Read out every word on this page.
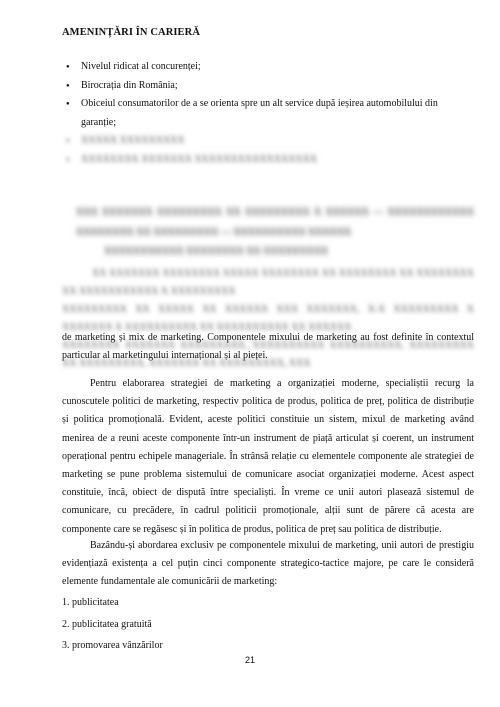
AMENINȚĂRI ÎN CARIERĂ
● Nivelul ridicat al concurenței;
● Birocrația din România;
● Obiceiul consumatorilor de a se orienta spre un alt service după ieșirea automobilului din garanție;
● XXXXX XXXXXXXXX
● XXXXXXXX XXXXXXX XXXXXXXXXXXXXXXXX
XXX XXXXXXX XXXXXXXXX XX XXXXXXXXX X XXXXXX — XXXXXXXXXXXX XXXXXXXX XX XXXXXXXXX — XXXXXXXXXX XXXXXX
XXXXXXXXXXX XXXXXXXX XX XXXXXXXXX
XX XXXXXXX XXXXXXXX XXXXX XXXXXXXX XX XXXXXXXX XX XXXXXXXX XX XXXXXXXXXXX X XXXXXXXXX
XXXXXXXXX XX XXXXX XX XXXXXX XXX XXXXXXX, X-X XXXXXXXXX X XXXXXXX X XXXXXXXXXX XX XXXXXXXXXX XX XXXXXX
XXXXXXXX XXXXXXX XXXXXXXXX, XXXXXXXXXX XXXXXXXXXX, XXXXXXXXX XX XXXXXXXXX, XXXXXXX XX XXXXXXXXX, XXX
de marketing și mix de marketing. Componentele mixului de marketing au fost definite în contextul particular al marketingului internațional și al pieței.
Pentru elaborarea strategiei de marketing a organizației moderne, specialiștii recurg la cunoscutele politici de marketing, respectiv politica de produs, politica de preț, politica de distribuție și politica promoțională. Evident, aceste politici constituie un sistem, mixul de marketing având menirea de a reuni aceste componente într-un instrument de piață articulat și coerent, un instrument operațional pentru echipele manageriale. În strânsă relație cu elementele componente ale strategiei de marketing se pune problema sistemului de comunicare asociat organizației moderne. Acest aspect constituie, încă, obiect de dispută între specialiști. În vreme ce unii autori plasează sistemul de comunicare, cu precădere, în cadrul politicii promoționale, alții sunt de părere că acesta are componente care se regăsesc și în politica de produs, politica de preț sau politica de distribuție.
Bazându-și abordarea exclusiv pe componentele mixului de marketing, unii autori de prestigiu evidențiază existența a cel puțin cinci componente strategico-tactice majore, pe care le consideră elemente fundamentale ale comunicării de marketing:
1. publicitatea
2. publicitatea gratuită
3. promovarea vânzărilor
21
